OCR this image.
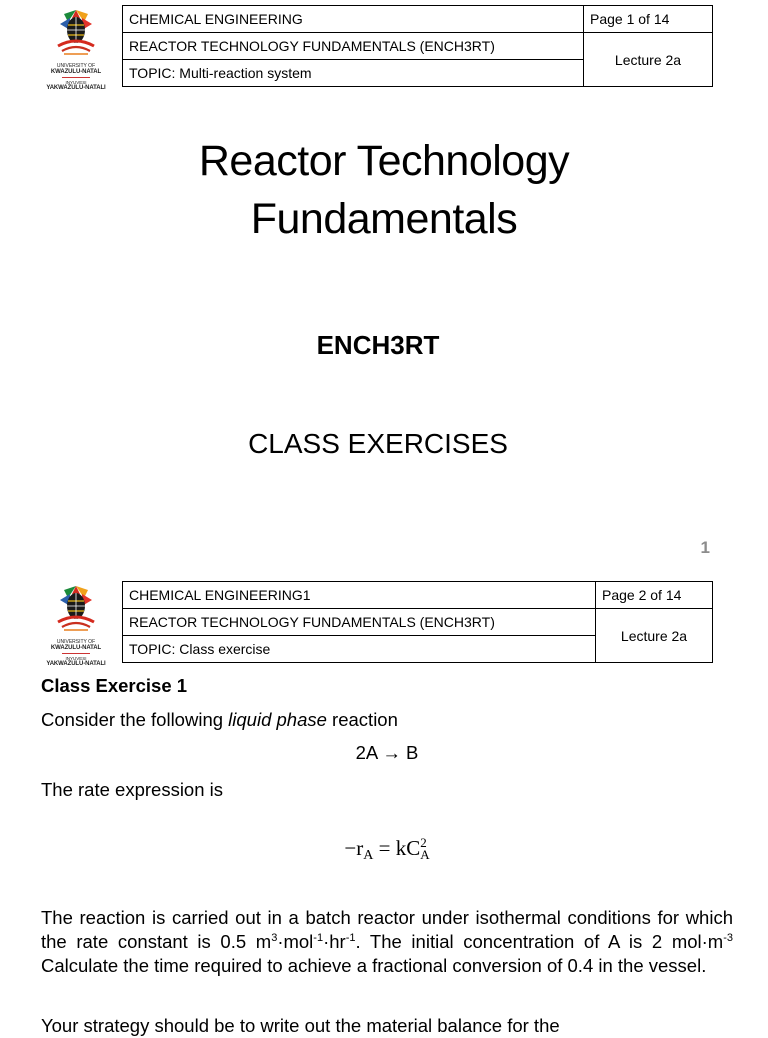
UNIVERSITY OF
KWAZULU-NATAL
INYUVESI
YAKWAZULU-NATALI
CHEMICAL ENGINEERING	Page 1 of 14
REACTOR TECHNOLOGY FUNDAMENTALS (ENCH3RT)	Lecture 2a
TOPIC: Multi-reaction system	
Reactor Technology
Fundamentals
ENCH3RT
CLASS EXERCISES
1
UNIVERSITY OF
KWAZULU-NATAL
INYUVESI
YAKWAZULU-NATALI
CHEMICAL ENGINEERING1	Page 2 of 14
REACTOR TECHNOLOGY FUNDAMENTALS (ENCH3RT)	Lecture 2a
TOPIC: Class exercise	
Class Exercise 1
Consider the following liquid phase reaction
2A → B
The rate expression is
$-r_A$ = kC 2
A
The reaction is carried out in a batch reactor under isothermal conditions for which the rate constant is 0.5 $m^3\cdot mol^{-1}\cdot hr^{-1}$. The initial concentration of A is 2 $mol\cdot m^{-3}$ Calculate the time required to achieve a fractional conversion of 0.4 in the vessel.
Your strategy should be to write out the material balance for the
